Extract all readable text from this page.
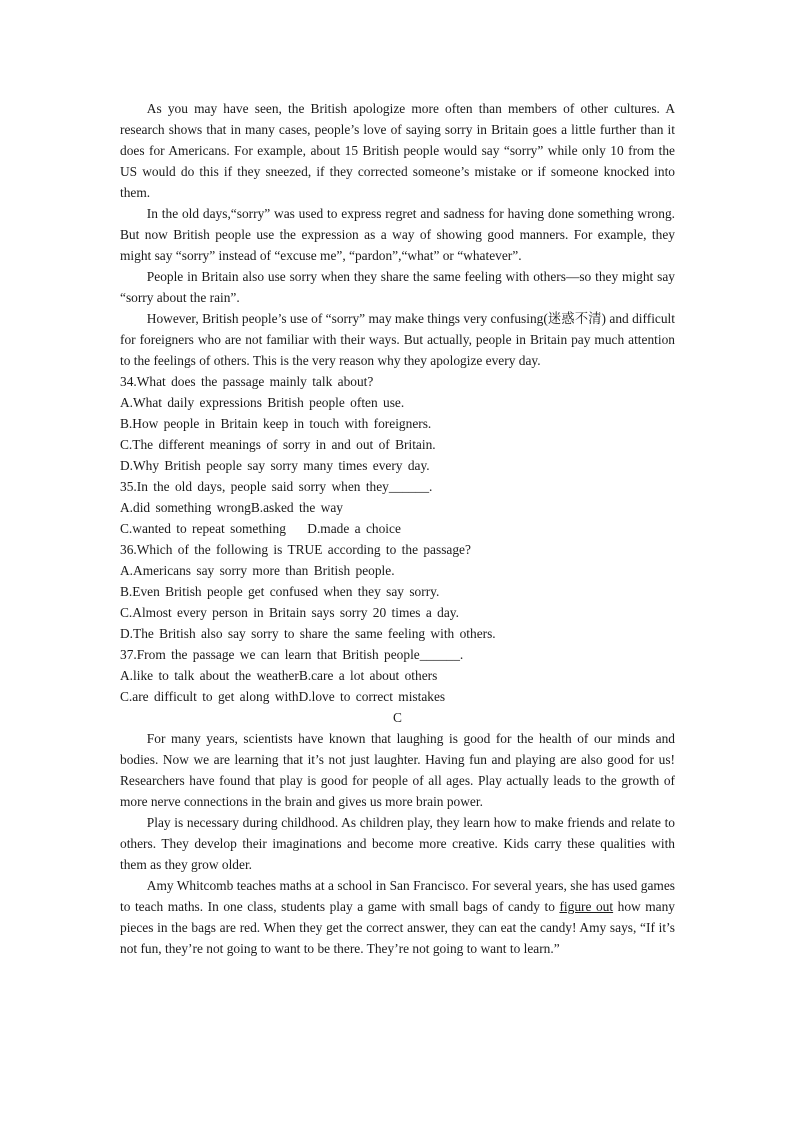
As you may have seen, the British apologize more often than members of other cultures. A research shows that in many cases, people’s love of saying sorry in Britain goes a little further than it does for Americans. For example, about 15 British people would say “sorry” while only 10 from the US would do this if they sneezed, if they corrected someone’s mistake or if someone knocked into them.

In the old days,“sorry” was used to express regret and sadness for having done something wrong. But now British people use the expression as a way of showing good manners. For example, they might say “sorry” instead of “excuse me”, “pardon”,“what” or “whatever”.

People in Britain also use sorry when they share the same feeling with others—so they might say “sorry about the rain”.

However, British people’s use of “sorry” may make things very confusing(迷惑不清) and difficult for foreigners who are not familiar with their ways. But actually, people in Britain pay much attention to the feelings of others. This is the very reason why they apologize every day.

34.What does the passage mainly talk about?

A.What daily expressions British people often use.

B.How people in Britain keep in touch with foreigners.

C.The different meanings of sorry in and out of Britain.

D.Why British people say sorry many times every day.

35.In the old days, people said sorry when they______.

A.did something wrongB.asked the way

C.wanted to repeat something    D.made a choice

36.Which of the following is TRUE according to the passage?

A.Americans say sorry more than British people.

B.Even British people get confused when they say sorry.

C.Almost every person in Britain says sorry 20 times a day.

D.The British also say sorry to share the same feeling with others.

37.From the passage we can learn that British people______.

A.like to talk about the weatherB.care a lot about others

C.are difficult to get along withD.love to correct mistakes

C

For many years, scientists have known that laughing is good for the health of our minds and bodies. Now we are learning that it’s not just laughter. Having fun and playing are also good for us! Researchers have found that play is good for people of all ages. Play actually leads to the growth of more nerve connections in the brain and gives us more brain power.

Play is necessary during childhood. As children play, they learn how to make friends and relate to others. They develop their imaginations and become more creative. Kids carry these qualities with them as they grow older.

Amy Whitcomb teaches maths at a school in San Francisco. For several years, she has used games to teach maths. In one class, students play a game with small bags of candy to figure out how many pieces in the bags are red. When they get the correct answer, they can eat the candy! Amy says, “If it’s not fun, they’re not going to want to be there. They’re not going to want to learn.”
